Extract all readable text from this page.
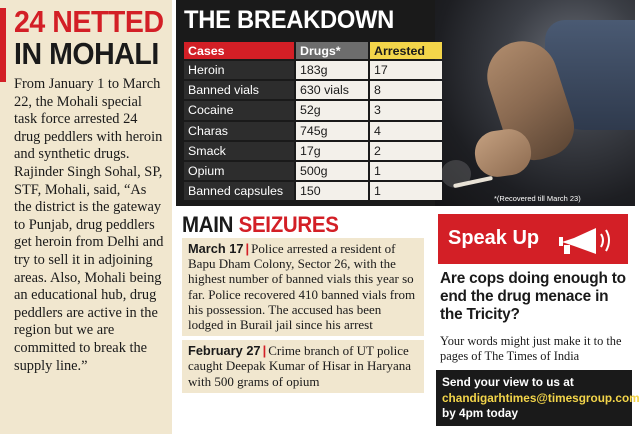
24 NETTED
IN MOHALI

From January 1 to March 22, the Mohali special task force arrested 24 drug peddlers with heroin and synthetic drugs. Rajinder Singh Sohal, SP, STF, Mohali, said, “As the district is the gateway to Punjab, drug peddlers get heroin from Delhi and try to sell it in adjoining areas. Also, Mohali being an educational hub, drug peddlers are active in the region but we are committed to break the supply line.”

THE BREAKDOWN
Cases	Drugs*	Arrested
Heroin	183g	17
Banned vials	630 vials	8
Cocaine	52g	3
Charas	745g	4
Smack	17g	2
Opium	500g	1
Banned capsules	150	1
*(Recovered till March 23)
MAIN SEIZURES
March 17 | Police arrested a resident of Bapu Dham Colony, Sector 26, with the highest number of banned vials this year so far. Police recovered 410 banned vials from his possession. The accused has been lodged in Burail jail since his arrest
February 27 | Crime branch of UT police caught Deepak Kumar of Hisar in Haryana with 500 grams of opium
Speak Up
Are cops doing enough to end the drug menace in the Tricity?
Your words might just make it to the pages of The Times of India
Send your view to us at
chandigarhtimes@timesgroup.com, by 4pm today
